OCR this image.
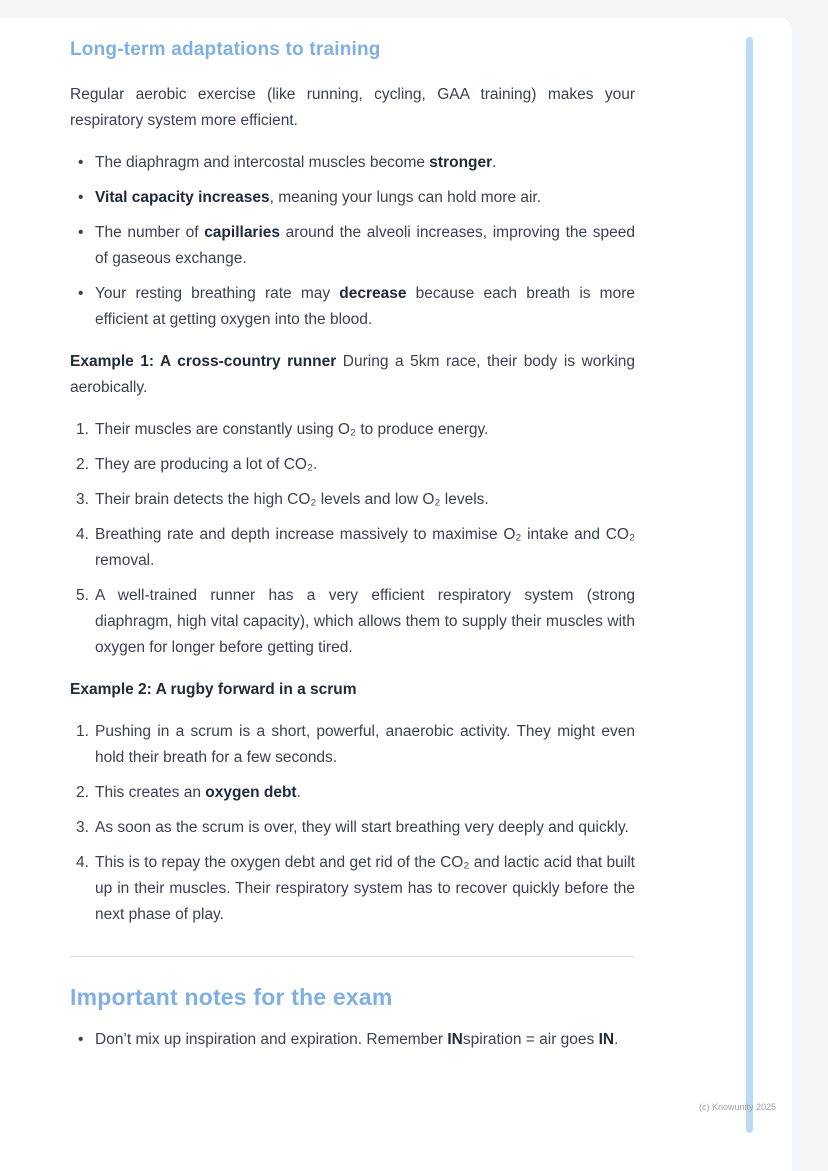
Long-term adaptations to training

Regular aerobic exercise (like running, cycling, GAA training) makes your respiratory system more efficient.

• The diaphragm and intercostal muscles become stronger.
• Vital capacity increases, meaning your lungs can hold more air.
• The number of capillaries around the alveoli increases, improving the speed of gaseous exchange.
• Your resting breathing rate may decrease because each breath is more efficient at getting oxygen into the blood.

Example 1: A cross-country runner During a 5km race, their body is working aerobically.

1. Their muscles are constantly using O₂ to produce energy.
2. They are producing a lot of CO₂.
3. Their brain detects the high CO₂ levels and low O₂ levels.
4. Breathing rate and depth increase massively to maximise O₂ intake and CO₂ removal.
5. A well-trained runner has a very efficient respiratory system (strong diaphragm, high vital capacity), which allows them to supply their muscles with oxygen for longer before getting tired.

Example 2: A rugby forward in a scrum

1. Pushing in a scrum is a short, powerful, anaerobic activity. They might even hold their breath for a few seconds.
2. This creates an oxygen debt.
3. As soon as the scrum is over, they will start breathing very deeply and quickly.
4. This is to repay the oxygen debt and get rid of the CO₂ and lactic acid that built up in their muscles. Their respiratory system has to recover quickly before the next phase of play.
Important notes for the exam
• Don’t mix up inspiration and expiration. Remember INspiration = air goes IN.
(c) Knowunity 2025
